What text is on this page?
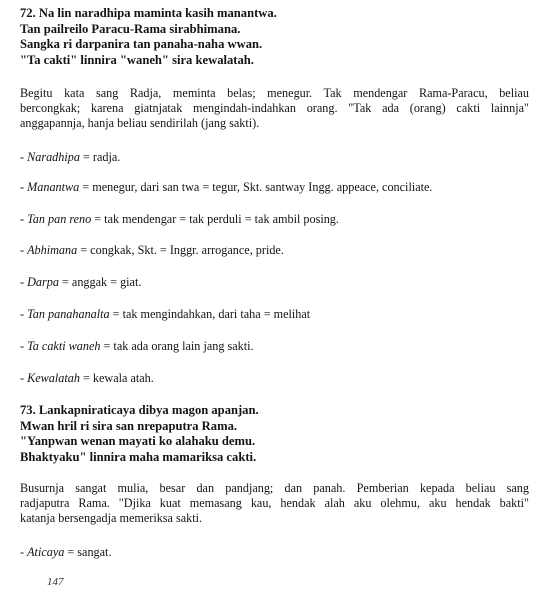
72. Na lin naradhipa maminta kasih manantwa.
Tan pailreilo Paracu-Rama sirabhimana.
Sangka ri darpanira tan panaha-naha wwan.
"Ta cakti" linnira "waneh" sira kewalatah.
Begitu kata sang Radja, meminta belas; menegur. Tak mendengar Rama-Paracu, beliau
bercongkak; karena giatnjatak mengindah-indahkan orang. "Tak ada (orang) cakti lainnja"
anggapannja, hanja beliau sendirilah (jang sakti).
- Naradhipa = radja.
- Manantwa = menegur, dari san twa = tegur, Skt. santway Ingg. appeace, conciliate.
- Tan pan reno = tak mendengar = tak perduli = tak ambil posing.
- Abhimana = congkak, Skt. = Inggr. arrogance, pride.
- Darpa = anggak = giat.
- Tan panahanalta = tak mengindahkan, dari taha = melihat
- Ta cakti waneh = tak ada orang lain jang sakti.
- Kewalatah = kewala atah.
73. Lankapniraticaya dibya magon apanjan.
Mwan hril ri sira san nrepaputra Rama.
"Yanpwan wenan mayati ko alahaku demu.
Bhaktyaku" linnira maha mamariksa cakti.
Busurnja sangat mulia, besar dan pandjang; dan panah. Pemberian kepada beliau sang
radjaputra Rama. "Djika kuat memasang kau, hendak alah aku olehmu, aku hendak bakti"
katanja bersengadja memeriksa sakti.
- Aticaya = sangat.
147
